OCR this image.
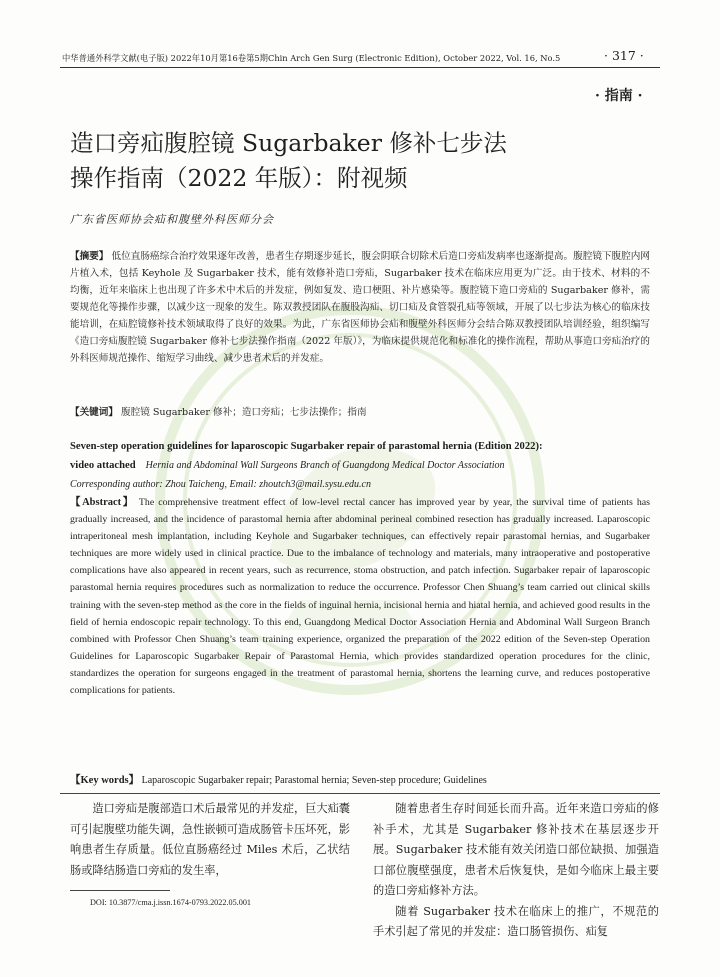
中华普通外科学文献(电子版) 2022年10月第16卷第5期Chin Arch Gen Surg (Electronic Edition), October 2022, Vol. 16, No.5	· 317 ·
· 指南 ·
造口旁疝腹腔镜 Sugarbaker 修补七步法
操作指南（2022 年版）：附视频
广东省医师协会疝和腹壁外科医师分会
【摘要】 低位直肠癌综合治疗效果逐年改善，患者生存期逐步延长，腹会阴联合切除术后造口旁疝发病率也逐渐提高。腹腔镜下腹腔内网片植入术，包括 Keyhole 及 Sugarbaker 技术，能有效修补造口旁疝，Sugarbaker 技术在临床应用更为广泛。由于技术、材料的不均衡，近年来临床上也出现了许多术中术后的并发症，例如复发、造口梗阻、补片感染等。腹腔镜下造口旁疝的 Sugarbaker 修补，需要规范化等操作步骤，以减少这一现象的发生。陈双教授团队在腹股沟疝、切口疝及食管裂孔疝等领域，开展了以七步法为核心的临床技能培训，在疝腔镜修补技术领域取得了良好的效果。为此，广东省医师协会疝和腹壁外科医师分会结合陈双教授团队培训经验，组织编写《造口旁疝腹腔镜 Sugarbaker 修补七步法操作指南（2022 年版）》，为临床提供规范化和标准化的操作流程，帮助从事造口旁疝治疗的外科医师规范操作、缩短学习曲线、减少患者术后的并发症。
【关键词】 腹腔镜 Sugarbaker 修补；造口旁疝；七步法操作；指南
Seven-step operation guidelines for laparoscopic Sugarbaker repair of parastomal hernia (Edition 2022):
video attached Hernia and Abdominal Wall Surgeons Branch of Guangdong Medical Doctor Association
Corresponding author: Zhou Taicheng, Email: zhoutch3@mail.sysu.edu.cn
【Abstract】 The comprehensive treatment effect of low-level rectal cancer has improved year by year, the survival time of patients has gradually increased, and the incidence of parastomal hernia after abdominal perineal combined resection has gradually increased. Laparoscopic intraperitoneal mesh implantation, including Keyhole and Sugarbaker techniques, can effectively repair parastomal hernias, and Sugarbaker techniques are more widely used in clinical practice. Due to the imbalance of technology and materials, many intraoperative and postoperative complications have also appeared in recent years, such as recurrence, stoma obstruction, and patch infection. Sugarbaker repair of laparoscopic parastomal hernia requires procedures such as normalization to reduce the occurrence. Professor Chen Shuang’s team carried out clinical skills training with the seven-step method as the core in the fields of inguinal hernia, incisional hernia and hiatal hernia, and achieved good results in the field of hernia endoscopic repair technology. To this end, Guangdong Medical Doctor Association Hernia and Abdominal Wall Surgeon Branch combined with Professor Chen Shuang’s team training experience, organized the preparation of the 2022 edition of the Seven-step Operation Guidelines for Laparoscopic Sugarbaker Repair of Parastomal Hernia, which provides standardized operation procedures for the clinic, standardizes the operation for surgeons engaged in the treatment of parastomal hernia, shortens the learning curve, and reduces postoperative complications for patients.
【Key words】 Laparoscopic Sugarbaker repair; Parastomal hernia; Seven-step procedure; Guidelines
造口旁疝是腹部造口术后最常见的并发症，巨大疝囊可引起腹壁功能失调，急性嵌顿可造成肠管卡压坏死，影响患者生存质量。低位直肠癌经过 Miles 术后，乙状结肠或降结肠造口旁疝的发生率，

随着患者生存时间延长而升高。近年来造口旁疝的修补手术，尤其是 Sugarbaker 修补技术在基层逐步开展。Sugarbaker 技术能有效关闭造口部位缺损、加强造口部位腹壁强度，患者术后恢复快，是如今临床上最主要的造口旁疝修补方法。

随着 Sugarbaker 技术在临床上的推广，不规范的手术引起了常见的并发症：造口肠管损伤、疝复

DOI: 10.3877/cma.j.issn.1674-0793.2022.05.001
